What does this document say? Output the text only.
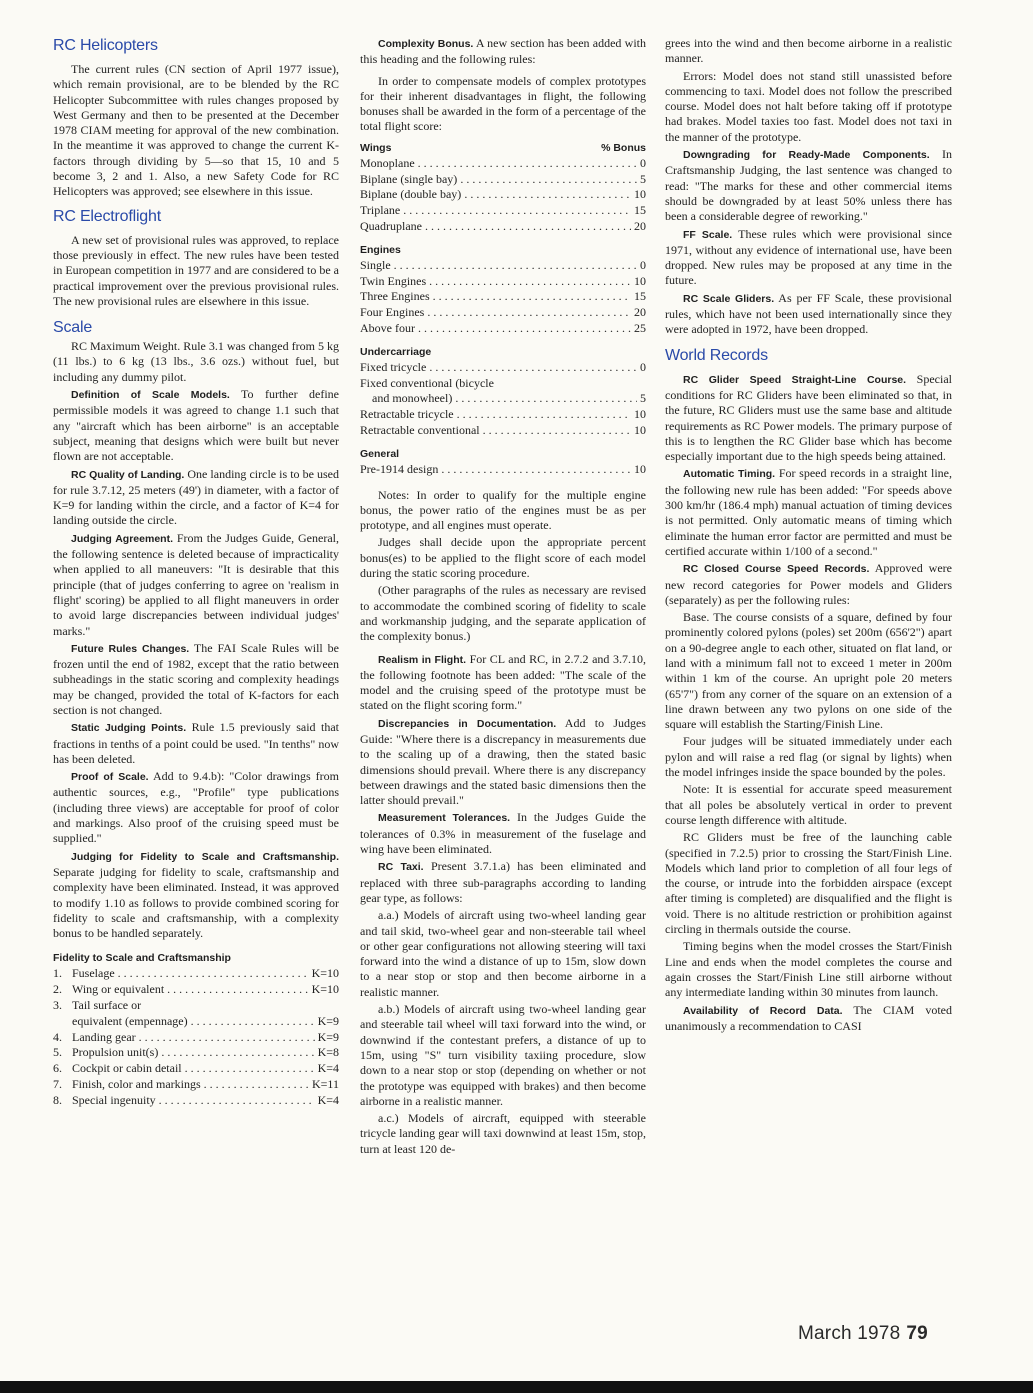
RC Helicopters

The current rules (CN section of April 1977 issue), which remain provisional, are to be blended by the RC Helicopter Subcommittee with rules changes proposed by West Germany and then to be presented at the December 1978 CIAM meeting for approval of the new combination. In the meantime it was approved to change the current K-factors through dividing by 5—so that 15, 10 and 5 become 3, 2 and 1. Also, a new Safety Code for RC Helicopters was approved; see elsewhere in this issue.

RC Electroflight

A new set of provisional rules was approved, to replace those previously in effect. The new rules have been tested in European competition in 1977 and are considered to be a practical improvement over the previous provisional rules. The new provisional rules are elsewhere in this issue.

Scale

RC Maximum Weight. Rule 3.1 was changed from 5 kg (11 lbs.) to 6 kg (13 lbs., 3.6 ozs.) without fuel, but including any dummy pilot.

Definition of Scale Models. To further define permissible models it was agreed to change 1.1 such that any "aircraft which has been airborne" is an acceptable subject, meaning that designs which were built but never flown are not acceptable.

RC Quality of Landing. One landing circle is to be used for rule 3.7.12, 25 meters (49') in diameter, with a factor of K=9 for landing within the circle, and a factor of K=4 for landing outside the circle.

Judging Agreement. From the Judges Guide, General, the following sentence is deleted because of impracticality when applied to all maneuvers: "It is desirable that this principle (that of judges conferring to agree on 'realism in flight' scoring) be applied to all flight maneuvers in order to avoid large discrepancies between individual judges' marks."

Future Rules Changes. The FAI Scale Rules will be frozen until the end of 1982, except that the ratio between subheadings in the static scoring and complexity headings may be changed, provided the total of K-factors for each section is not changed.

Static Judging Points. Rule 1.5 previously said that fractions in tenths of a point could be used. "In tenths" now has been deleted.

Proof of Scale. Add to 9.4.b): "Color drawings from authentic sources, e.g., "Profile" type publications (including three views) are acceptable for proof of color and markings. Also proof of the cruising speed must be supplied."

Judging for Fidelity to Scale and Craftsmanship. Separate judging for fidelity to scale, craftsmanship and complexity have been eliminated. Instead, it was approved to modify 1.10 as follows to provide combined scoring for fidelity to scale and craftsmanship, with a complexity bonus to be handled separately.

Fidelity to Scale and Craftsmanship
1. Fuselage . . .	K=10
2. Wing or equivalent . . .	K=10
3. Tail surface or
equivalent (empennage) . . .	K=9
4. Landing gear . . .	K=9
5. Propulsion unit(s) . . .	K=8
6. Cockpit or cabin detail . . .	K=4
7. Finish, color and markings . . .	K=11
8. Special ingenuity . . .	K=4

Complexity Bonus. A new section has been added with this heading and the following rules:

In order to compensate models of complex prototypes for their inherent disadvantages in flight, the following bonuses shall be awarded in the form of a percentage of the total flight score:

Wings	% Bonus
Monoplane . . .	0
Biplane (single bay) . . .	5
Biplane (double bay) . . .	10
Triplane . . .	15
Quadruplane . . .	20
Engines
Single . . .	0
Twin Engines . . .	10
Three Engines . . .	15
Four Engines . . .	20
Above four . . .	25
Undercarriage
Fixed tricycle . . .	0
Fixed conventional (bicycle
and monowheel) . . .	5
Retractable tricycle . . .	10
Retractable conventional . . .	10
General
Pre-1914 design . . .	10

Notes: In order to qualify for the multiple engine bonus, the power ratio of the engines must be as per prototype, and all engines must operate.

Judges shall decide upon the appropriate percent bonus(es) to be applied to the flight score of each model during the static scoring procedure.

(Other paragraphs of the rules as necessary are revised to accommodate the combined scoring of fidelity to scale and workmanship judging, and the separate application of the complexity bonus.)

Realism in Flight. For CL and RC, in 2.7.2 and 3.7.10, the following footnote has been added: "The scale of the model and the cruising speed of the prototype must be stated on the flight scoring form."

Discrepancies in Documentation. Add to Judges Guide: "Where there is a discrepancy in measurements due to the scaling up of a drawing, then the stated basic dimensions should prevail. Where there is any discrepancy between drawings and the stated basic dimensions then the latter should prevail."

Measurement Tolerances. In the Judges Guide the tolerances of 0.3% in measurement of the fuselage and wing have been eliminated.

RC Taxi. Present 3.7.1.a) has been eliminated and replaced with three sub-paragraphs according to landing gear type, as follows:

a.a.) Models of aircraft using two-wheel landing gear and tail skid, two-wheel gear and non-steerable tail wheel or other gear configurations not allowing steering will taxi forward into the wind a distance of up to 15m, slow down to a near stop or stop and then become airborne in a realistic manner.

a.b.) Models of aircraft using two-wheel landing gear and steerable tail wheel will taxi forward into the wind, or downwind if the contestant prefers, a distance of up to 15m, using "S" turn visibility taxiing procedure, slow down to a near stop or stop (depending on whether or not the prototype was equipped with brakes) and then become airborne in a realistic manner.

a.c.) Models of aircraft, equipped with steerable tricycle landing gear will taxi downwind at least 15m, stop, turn at least 120 de-

grees into the wind and then become airborne in a realistic manner.

Errors: Model does not stand still unassisted before commencing to taxi. Model does not follow the prescribed course. Model does not halt before taking off if prototype had brakes. Model taxies too fast. Model does not taxi in the manner of the prototype.

Downgrading for Ready-Made Components. In Craftsmanship Judging, the last sentence was changed to read: "The marks for these and other commercial items should be downgraded by at least 50% unless there has been a considerable degree of reworking."

FF Scale. These rules which were provisional since 1971, without any evidence of international use, have been dropped. New rules may be proposed at any time in the future.

RC Scale Gliders. As per FF Scale, these provisional rules, which have not been used internationally since they were adopted in 1972, have been dropped.

World Records

RC Glider Speed Straight-Line Course. Special conditions for RC Gliders have been eliminated so that, in the future, RC Gliders must use the same base and altitude requirements as RC Power models. The primary purpose of this is to lengthen the RC Glider base which has become especially important due to the high speeds being attained.

Automatic Timing. For speed records in a straight line, the following new rule has been added: "For speeds above 300 km/hr (186.4 mph) manual actuation of timing devices is not permitted. Only automatic means of timing which eliminate the human error factor are permitted and must be certified accurate within 1/100 of a second."

RC Closed Course Speed Records. Approved were new record categories for Power models and Gliders (separately) as per the following rules:

Base. The course consists of a square, defined by four prominently colored pylons (poles) set 200m (656'2") apart on a 90-degree angle to each other, situated on flat land, or land with a minimum fall not to exceed 1 meter in 200m within 1 km of the course. An upright pole 20 meters (65'7") from any corner of the square on an extension of a line drawn between any two pylons on one side of the square will establish the Starting/Finish Line.

Four judges will be situated immediately under each pylon and will raise a red flag (or signal by lights) when the model infringes inside the space bounded by the poles.

Note: It is essential for accurate speed measurement that all poles be absolutely vertical in order to prevent course length difference with altitude.

RC Gliders must be free of the launching cable (specified in 7.2.5) prior to crossing the Start/Finish Line. Models which land prior to completion of all four legs of the course, or intrude into the forbidden airspace (except after timing is completed) are disqualified and the flight is void. There is no altitude restriction or prohibition against circling in thermals outside the course.

Timing begins when the model crosses the Start/Finish Line and ends when the model completes the course and again crosses the Start/Finish Line still airborne without any intermediate landing within 30 minutes from launch.

Availability of Record Data. The CIAM voted unanimously a recommendation to CASI

March 1978 79
